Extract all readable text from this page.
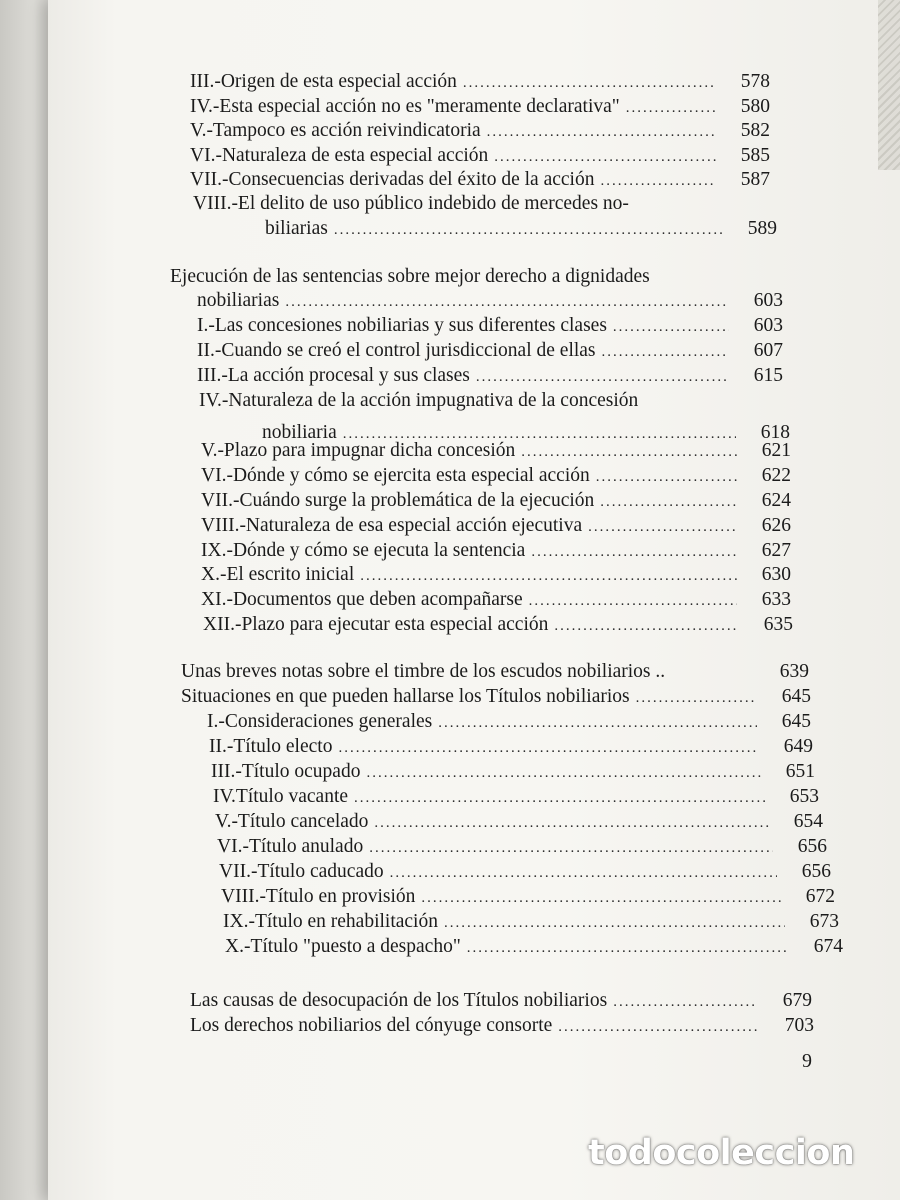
III.-Origen de esta especial acción .....	578
IV.-Esta especial acción no es "meramente declarativa" .....	580
V.-Tampoco es acción reivindicatoria .....	582
VI.-Naturaleza de esta especial acción .....	585
VII.-Consecuencias derivadas del éxito de la acción .....	587
VIII.-El delito de uso público indebido de mercedes no-
biliarias .....	589
Ejecución de las sentencias sobre mejor derecho a dignidades
nobiliarias .....	603
I.-Las concesiones nobiliarias y sus diferentes clases .....	603
II.-Cuando se creó el control jurisdiccional de ellas .....	607
III.-La acción procesal y sus clases .....	615
IV.-Naturaleza de la acción impugnativa de la concesión
nobiliaria .....	618
V.-Plazo para impugnar dicha concesión .....	621
VI.-Dónde y cómo se ejercita esta especial acción .....	622
VII.-Cuándo surge la problemática de la ejecución .....	624
VIII.-Naturaleza de esa especial acción ejecutiva .....	626
IX.-Dónde y cómo se ejecuta la sentencia .....	627
X.-El escrito inicial .....	630
XI.-Documentos que deben acompañarse .....	633
XII.-Plazo para ejecutar esta especial acción .....	635
Unas breves notas sobre el timbre de los escudos nobiliarios ..	639
Situaciones en que pueden hallarse los Títulos nobiliarios .....	645
I.-Consideraciones generales .....	645
II.-Título electo .....	649
III.-Título ocupado .....	651
IV.Título vacante .....	653
V.-Título cancelado .....	654
VI.-Título anulado .....	656
VII.-Título caducado .....	656
VIII.-Título en provisión .....	672
IX.-Título en rehabilitación .....	673
X.-Título "puesto a despacho" .....	674
Las causas de desocupación de los Títulos nobiliarios .....	679
Los derechos nobiliarios del cónyuge consorte .....	703
9
todocoleccion
